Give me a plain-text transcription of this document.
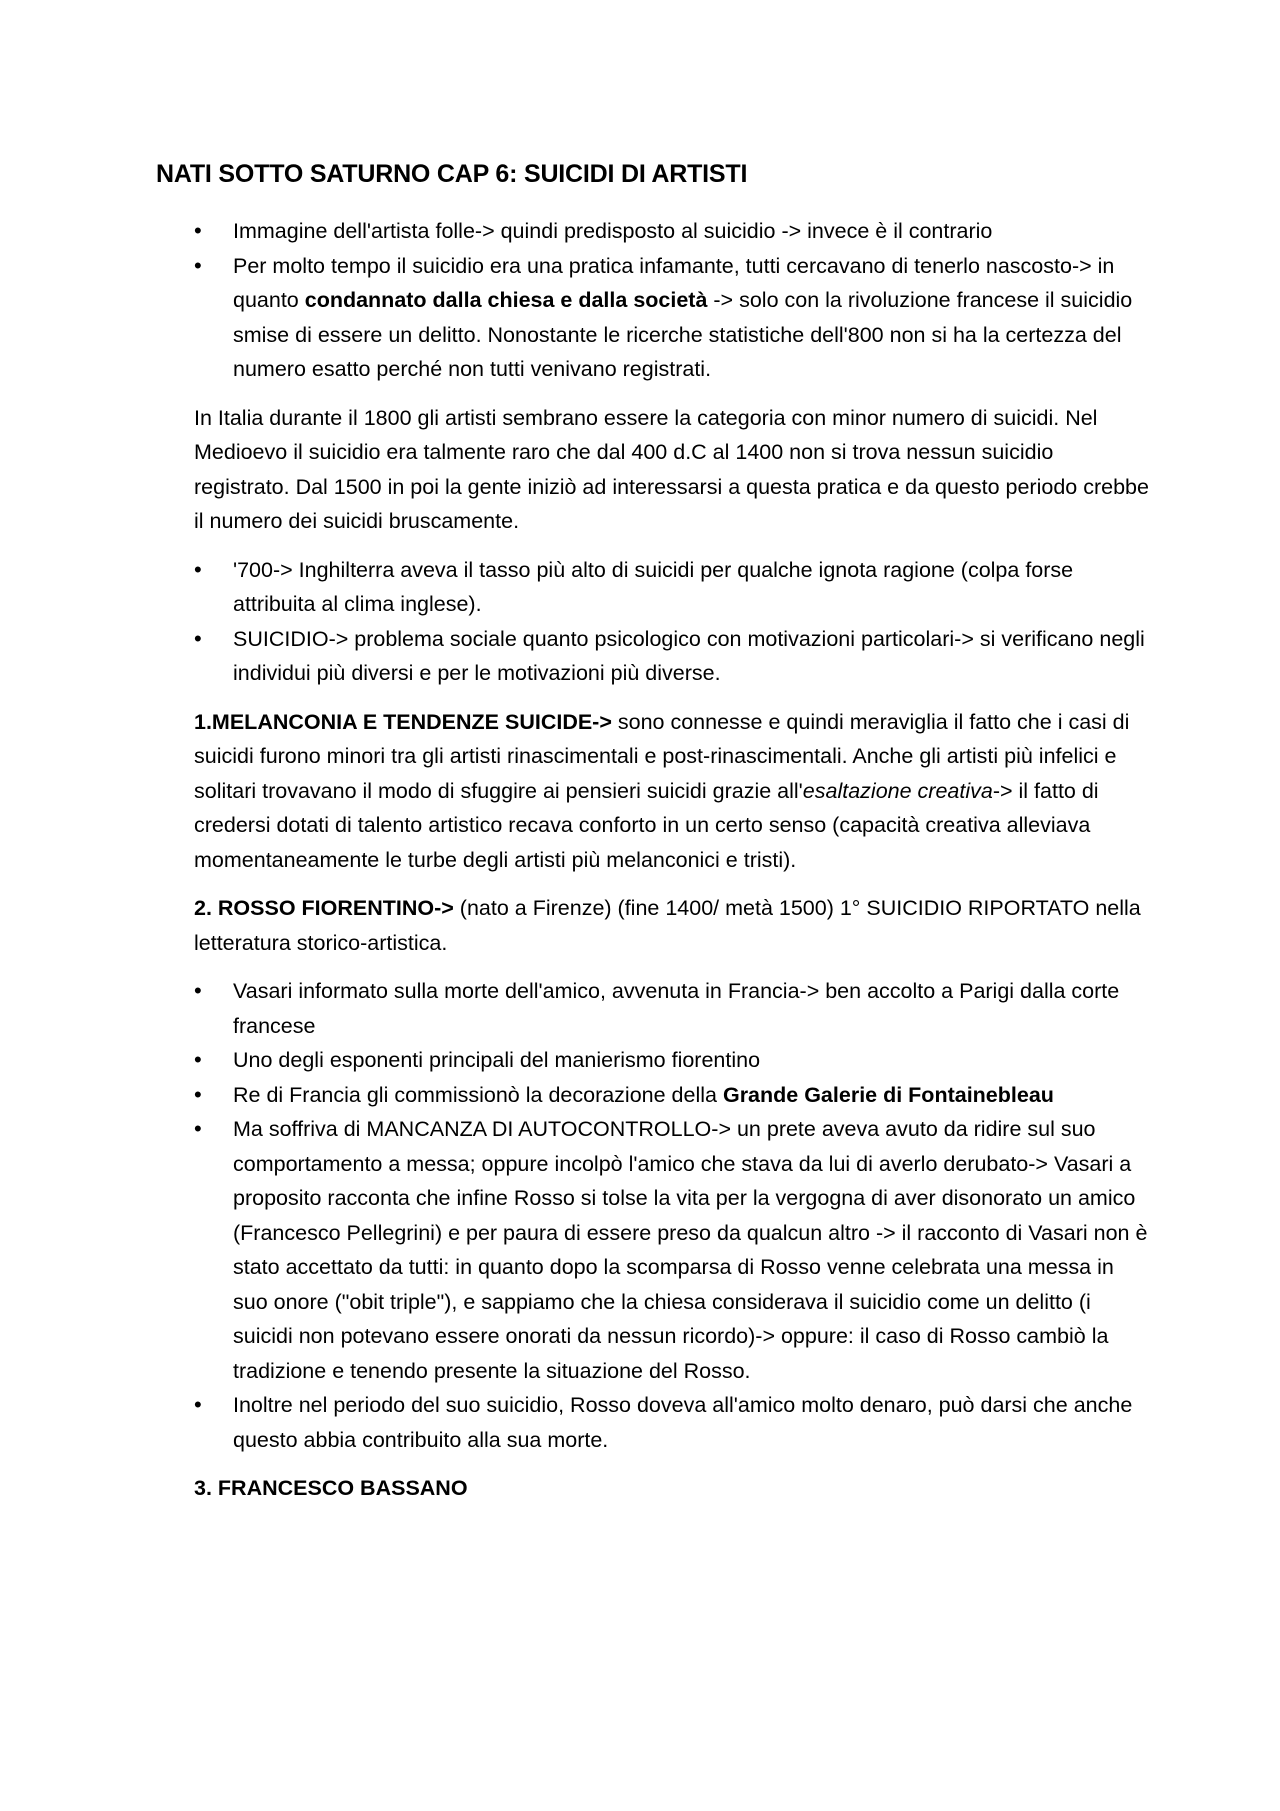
NATI SOTTO SATURNO CAP 6: SUICIDI DI ARTISTI
• Immagine dell'artista folle-> quindi predisposto al suicidio -> invece è il contrario
• Per molto tempo il suicidio era una pratica infamante, tutti cercavano di tenerlo nascosto-> in quanto condannato dalla chiesa e dalla società -> solo con la rivoluzione francese il suicidio smise di essere un delitto. Nonostante le ricerche statistiche dell'800 non si ha la certezza del numero esatto perché non tutti venivano registrati.

In Italia durante il 1800 gli artisti sembrano essere la categoria con minor numero di suicidi. Nel Medioevo il suicidio era talmente raro che dal 400 d.C al 1400 non si trova nessun suicidio registrato. Dal 1500 in poi la gente iniziò ad interessarsi a questa pratica e da questo periodo crebbe il numero dei suicidi bruscamente.

• '700-> Inghilterra aveva il tasso più alto di suicidi per qualche ignota ragione (colpa forse attribuita al clima inglese).
• SUICIDIO-> problema sociale quanto psicologico con motivazioni particolari-> si verificano negli individui più diversi e per le motivazioni più diverse.

1.MELANCONIA E TENDENZE SUICIDE-> sono connesse e quindi meraviglia il fatto che i casi di suicidi furono minori tra gli artisti rinascimentali e post-rinascimentali. Anche gli artisti più infelici e solitari trovavano il modo di sfuggire ai pensieri suicidi grazie all'esaltazione creativa-> il fatto di credersi dotati di talento artistico recava conforto in un certo senso (capacità creativa alleviava momentaneamente le turbe degli artisti più melanconici e tristi).

2. ROSSO FIORENTINO-> (nato a Firenze) (fine 1400/ metà 1500) 1° SUICIDIO RIPORTATO nella letteratura storico-artistica.

• Vasari informato sulla morte dell'amico, avvenuta in Francia-> ben accolto a Parigi dalla corte francese
• Uno degli esponenti principali del manierismo fiorentino
• Re di Francia gli commissionò la decorazione della Grande Galerie di Fontainebleau
• Ma soffriva di MANCANZA DI AUTOCONTROLLO-> un prete aveva avuto da ridire sul suo comportamento a messa; oppure incolpò l'amico che stava da lui di averlo derubato-> Vasari a proposito racconta che infine Rosso si tolse la vita per la vergogna di aver disonorato un amico (Francesco Pellegrini) e per paura di essere preso da qualcun altro -> il racconto di Vasari non è stato accettato da tutti: in quanto dopo la scomparsa di Rosso venne celebrata una messa in suo onore ("obit triple"), e sappiamo che la chiesa considerava il suicidio come un delitto (i suicidi non potevano essere onorati da nessun ricordo)-> oppure: il caso di Rosso cambiò la tradizione e tenendo presente la situazione del Rosso.
• Inoltre nel periodo del suo suicidio, Rosso doveva all'amico molto denaro, può darsi che anche questo abbia contribuito alla sua morte.

3. FRANCESCO BASSANO
